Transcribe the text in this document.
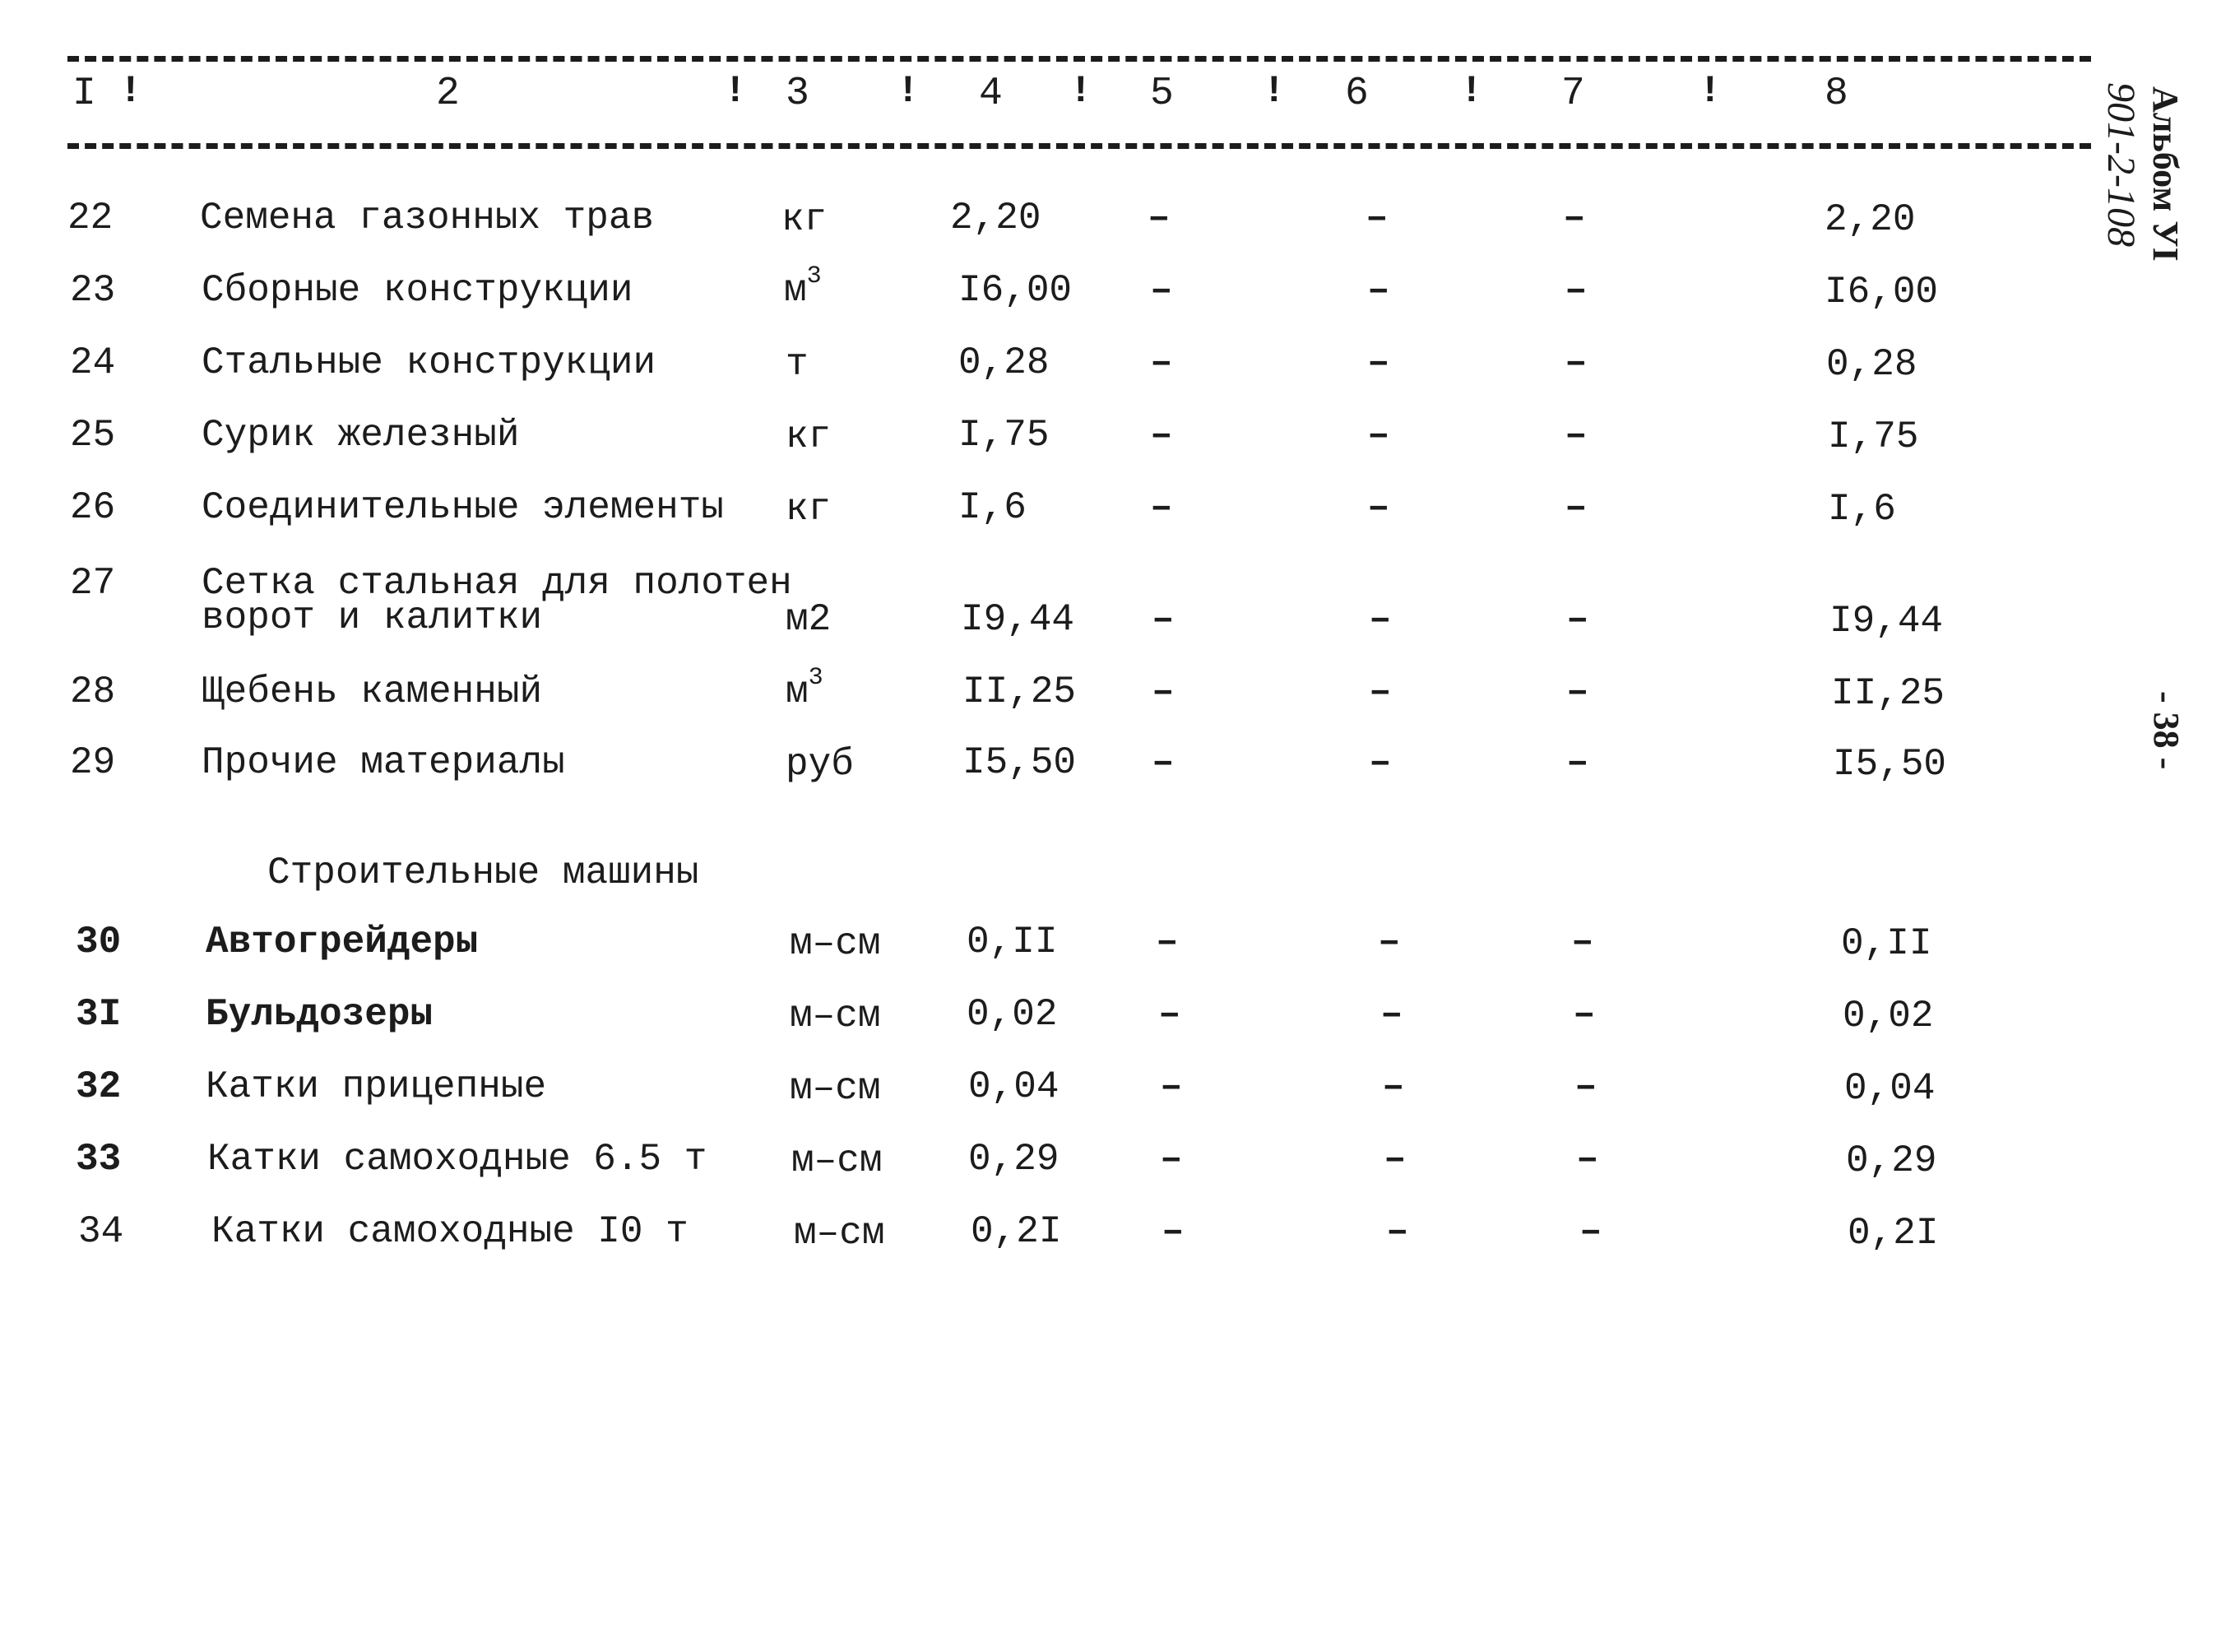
I !	2	! 3 ! 4 ! 5 ! 6 ! 7	!	8
22 Семена газонных трав	кг	2,20	–	–	–	2,20
23 Сборные конструкции	$м^3$	I6,00 –	–	–	I6,00
24 Стальные конструкции	т	0,28	–	–	–	0,28
25 Сурик железный	кг	I,75	–	–	–	I,75
26 Соединительные элементы кг	I,6	–	–	–	I,6
27 Сетка стальная для полотен
ворот и калитки	м2	I9,44 –	–	–	I9,44
28 Щебень каменный	$м^3$	II,25 –	–	–	II,25
29 Прочие материалы	руб	I5,50 –	–	–	I5,50
Строительные машины
30 Автогрейдеры	м–см 0,II	–	–	–	0,II
3I Бульдозеры	м–см 0,02	–	–	–	0,02
32 Катки прицепные	м–см 0,04	–	–	–	0,04
33 Катки самоходные 6.5 т м–см 0,29	–	–	–	0,29
34 Катки самоходные I0 т	м–см 0,2I	–	–	–	0,2I
Альбом УI
901-2-108
- 38 -
